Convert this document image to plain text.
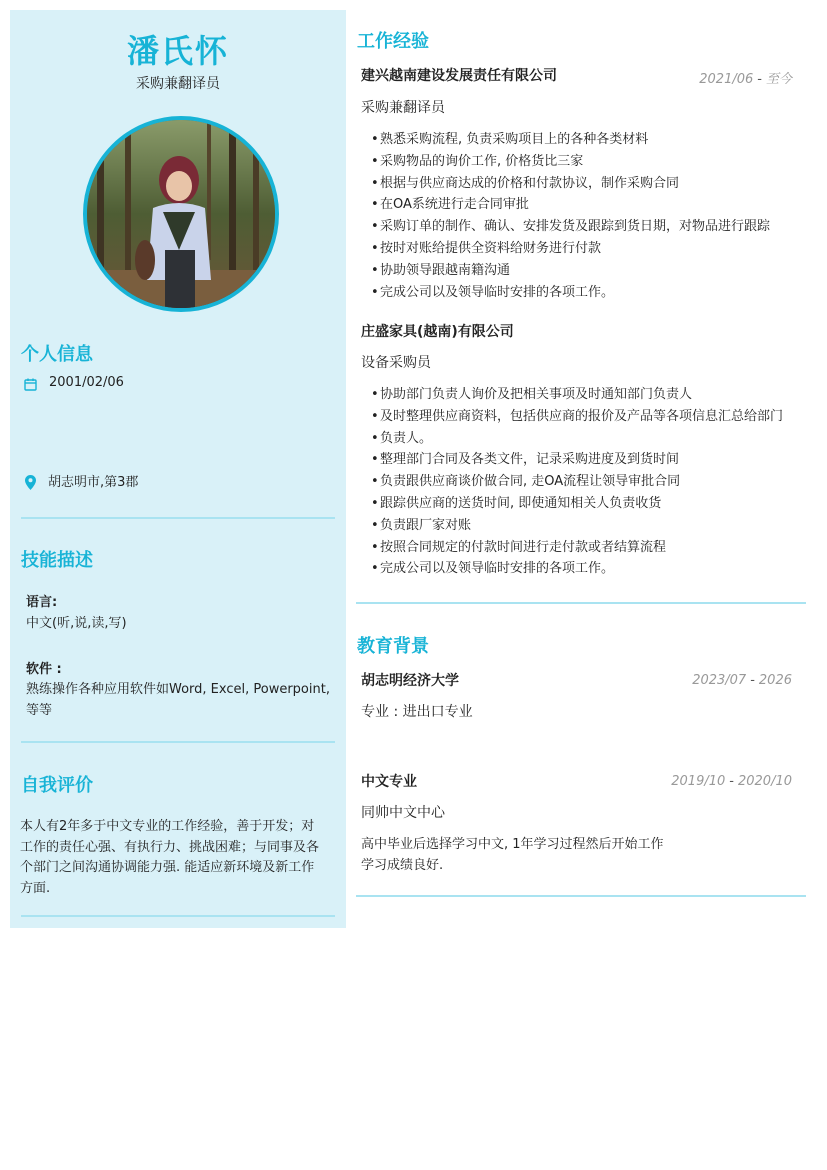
潘氏怀
采购兼翻译员
个人信息
2001/02/06
胡志明市,第3郡
技能描述
语言:
中文(听,说,读,写)
软件 :
熟练操作各种应用软件如Word, Excel, Powerpoint,
等等
自我评价
本人有2年多于中文专业的工作经验，善于开发；对
工作的责任心强、有执行力、挑战困难；与同事及各
个部门之间沟通协调能力强. 能适应新环境及新工作
方面.
工作经验
建兴越南建设发展责任有限公司	2021/06 - 至今
采购兼翻译员
• 熟悉采购流程, 负责采购项目上的各种各类材料
• 采购物品的询价工作, 价格货比三家
• 根据与供应商达成的价格和付款协议，制作采购合同
• 在OA系统进行走合同审批
• 采购订单的制作、确认、安排发货及跟踪到货日期，对物品进行跟踪
• 按时对账给提供全资料给财务进行付款
• 协助领导跟越南籍沟通
• 完成公司以及领导临时安排的各项工作。
庄盛家具(越南)有限公司
设备采购员
• 协助部门负责人询价及把相关事项及时通知部门负责人
• 及时整理供应商资料，包括供应商的报价及产品等各项信息汇总给部门
• 负责人。
• 整理部门合同及各类文件，记录采购进度及到货时间
• 负责跟供应商谈价做合同, 走OA流程让领导审批合同
• 跟踪供应商的送货时间, 即使通知相关人负责收货
• 负责跟厂家对账
• 按照合同规定的付款时间进行走付款或者结算流程
• 完成公司以及领导临时安排的各项工作。
教育背景
胡志明经济大学	2023/07 - 2026
专业 : 进出口专业
中文专业	2019/10 - 2020/10
同帅中文中心
高中毕业后选择学习中文, 1年学习过程然后开始工作
学习成绩良好.
